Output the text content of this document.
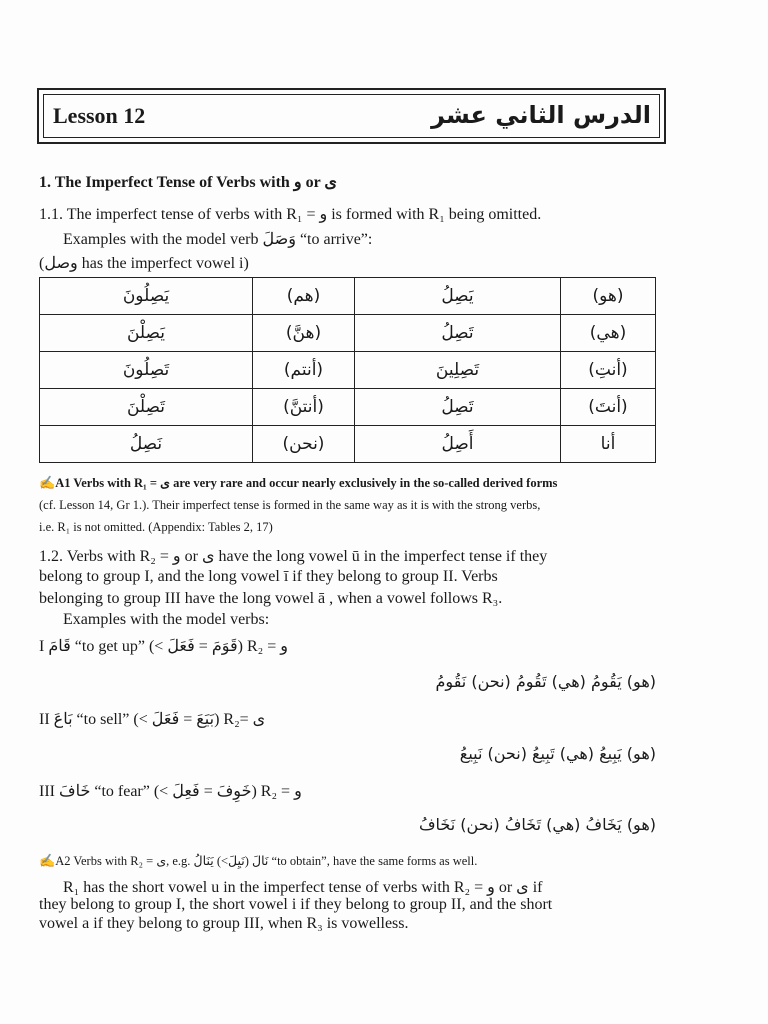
Lesson 12	الدرس الثاني عشر
1. The Imperfect Tense of Verbs with و or ى
1.1. The imperfect tense of verbs with R₁ = و is formed with R₁ being omitted.
Examples with the model verb وَصَلَ “to arrive”:
(وصل has the imperfect vowel i)
يَصِلُونَ	(هم)	يَصِلُ	(هو)
يَصِلْنَ	(هنَّ)	تَصِلُ	(هي)
تَصِلُونَ	(أنتم)	تَصِلِينَ	(أنتِ)
تَصِلْنَ	(أنتنَّ)	تَصِلُ	(أنتَ)
نَصِلُ	(نحن)	أَصِلُ	أنا
✍A1 Verbs with R₁ = ى are very rare and occur nearly exclusively in the so-called derived forms
(cf. Lesson 14, Gr 1.). Their imperfect tense is formed in the same way as it is with the strong verbs,
i.e. R₁ is not omitted. (Appendix: Tables 2, 17)
1.2. Verbs with R₂ = و or ى have the long vowel ū in the imperfect tense if they
belong to group I, and the long vowel ī if they belong to group II. Verbs
belonging to group III have the long vowel ā , when a vowel follows R₃.
Examples with the model verbs:
I قَامَ “to get up” (< قَوَمَ = فَعَلَ) R₂ = و
(هو) يَقُومُ (هي) تَقُومُ (نحن) نَقُومُ
II بَاعَ “to sell” (< بَيَعَ = فَعَلَ) R₂= ى
(هو) يَبِيعُ (هي) تَبِيعُ (نحن) نَبِيعُ
III خَافَ “to fear” (< خَوِفَ = فَعِلَ) R₂ = و
(هو) يَخَافُ (هي) تَخَافُ (نحن) نَخَافُ
✍A2 Verbs with R₂ = ى, e.g. نَالَ (نَيِلَ>) يَنَالُ “to obtain”, have the same forms as well.
R₁ has the short vowel u in the imperfect tense of verbs with R₂ = و or ى if
they belong to group I, the short vowel i if they belong to group II, and the short
vowel a if they belong to group III, when R₃ is vowelless.
